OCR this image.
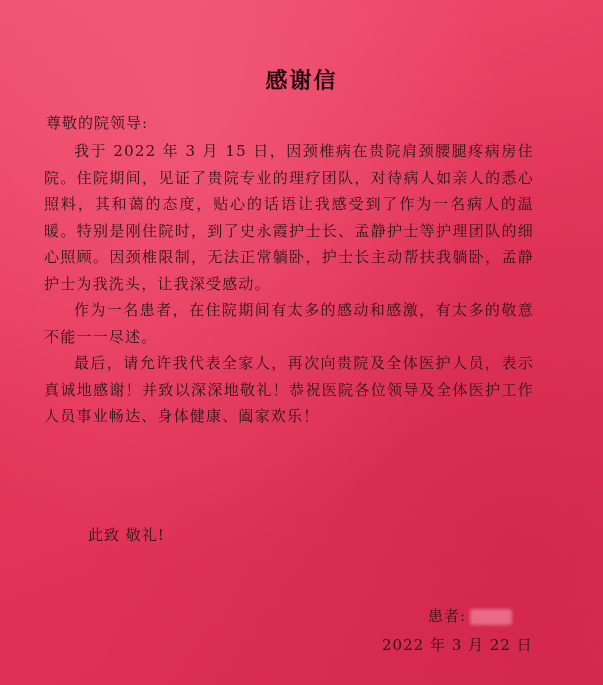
感谢信
尊敬的院领导:

我于 2022 年 3 月 15 日，因颈椎病在贵院肩颈腰腿疼病房住院。住院期间，见证了贵院专业的理疗团队，对待病人如亲人的悉心照料，其和蔼的态度，贴心的话语让我感受到了作为一名病人的温暖。特别是刚住院时，到了史永霞护士长、孟静护士等护理团队的细心照顾。因颈椎限制，无法正常躺卧，护士长主动帮扶我躺卧，孟静护士为我洗头，让我深受感动。

作为一名患者，在住院期间有太多的感动和感激，有太多的敬意不能一一尽述。

最后，请允许我代表全家人，再次向贵院及全体医护人员，表示真诚地感谢！并致以深深地敬礼！恭祝医院各位领导及全体医护工作人员事业畅达、身体健康、阖家欢乐！

此致 敬礼!
患者:
2022 年 3 月 22 日
